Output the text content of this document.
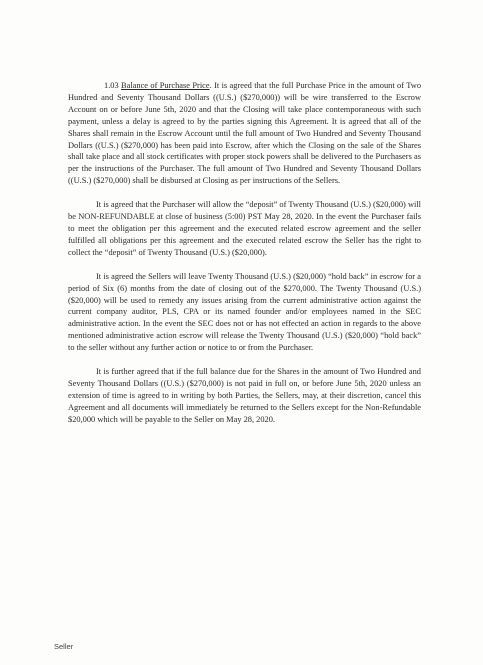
1.03 Balance of Purchase Price. It is agreed that the full Purchase Price in the amount of Two Hundred and Seventy Thousand Dollars ((U.S.) ($270,000)) will be wire transferred to the Escrow Account on or before June 5th, 2020 and that the Closing will take place contemporaneous with such payment, unless a delay is agreed to by the parties signing this Agreement. It is agreed that all of the Shares shall remain in the Escrow Account until the full amount of Two Hundred and Seventy Thousand Dollars ((U.S.) ($270,000) has been paid into Escrow, after which the Closing on the sale of the Shares shall take place and all stock certificates with proper stock powers shall be delivered to the Purchasers as per the instructions of the Purchaser. The full amount of Two Hundred and Seventy Thousand Dollars ((U.S.) ($270,000) shall be disbursed at Closing as per instructions of the Sellers.

It is agreed that the Purchaser will allow the “deposit” of Twenty Thousand (U.S.) ($20,000) will be NON-REFUNDABLE at close of business (5:00) PST May 28, 2020. In the event the Purchaser fails to meet the obligation per this agreement and the executed related escrow agreement and the seller fulfilled all obligations per this agreement and the executed related escrow the Seller has the right to collect the “deposit” of Twenty Thousand (U.S.) ($20,000).

It is agreed the Sellers will leave Twenty Thousand (U.S.) ($20,000) “hold back” in escrow for a period of Six (6) months from the date of closing out of the $270,000. The Twenty Thousand (U.S.) ($20,000) will be used to remedy any issues arising from the current administrative action against the current company auditor, PLS, CPA or its named founder and/or employees named in the SEC administrative action. In the event the SEC does not or has not effected an action in regards to the above mentioned administrative action escrow will release the Twenty Thousand (U.S.) ($20,000) “hold back” to the seller without any further action or notice to or from the Purchaser.

It is further agreed that if the full balance due for the Shares in the amount of Two Hundred and Seventy Thousand Dollars ((U.S.) ($270,000) is not paid in full on, or before June 5th, 2020 unless an extension of time is agreed to in writing by both Parties, the Sellers, may, at their discretion, cancel this Agreement and all documents will immediately be returned to the Sellers except for the Non-Refundable $20,000 which will be payable to the Seller on May 28, 2020.

Seller
